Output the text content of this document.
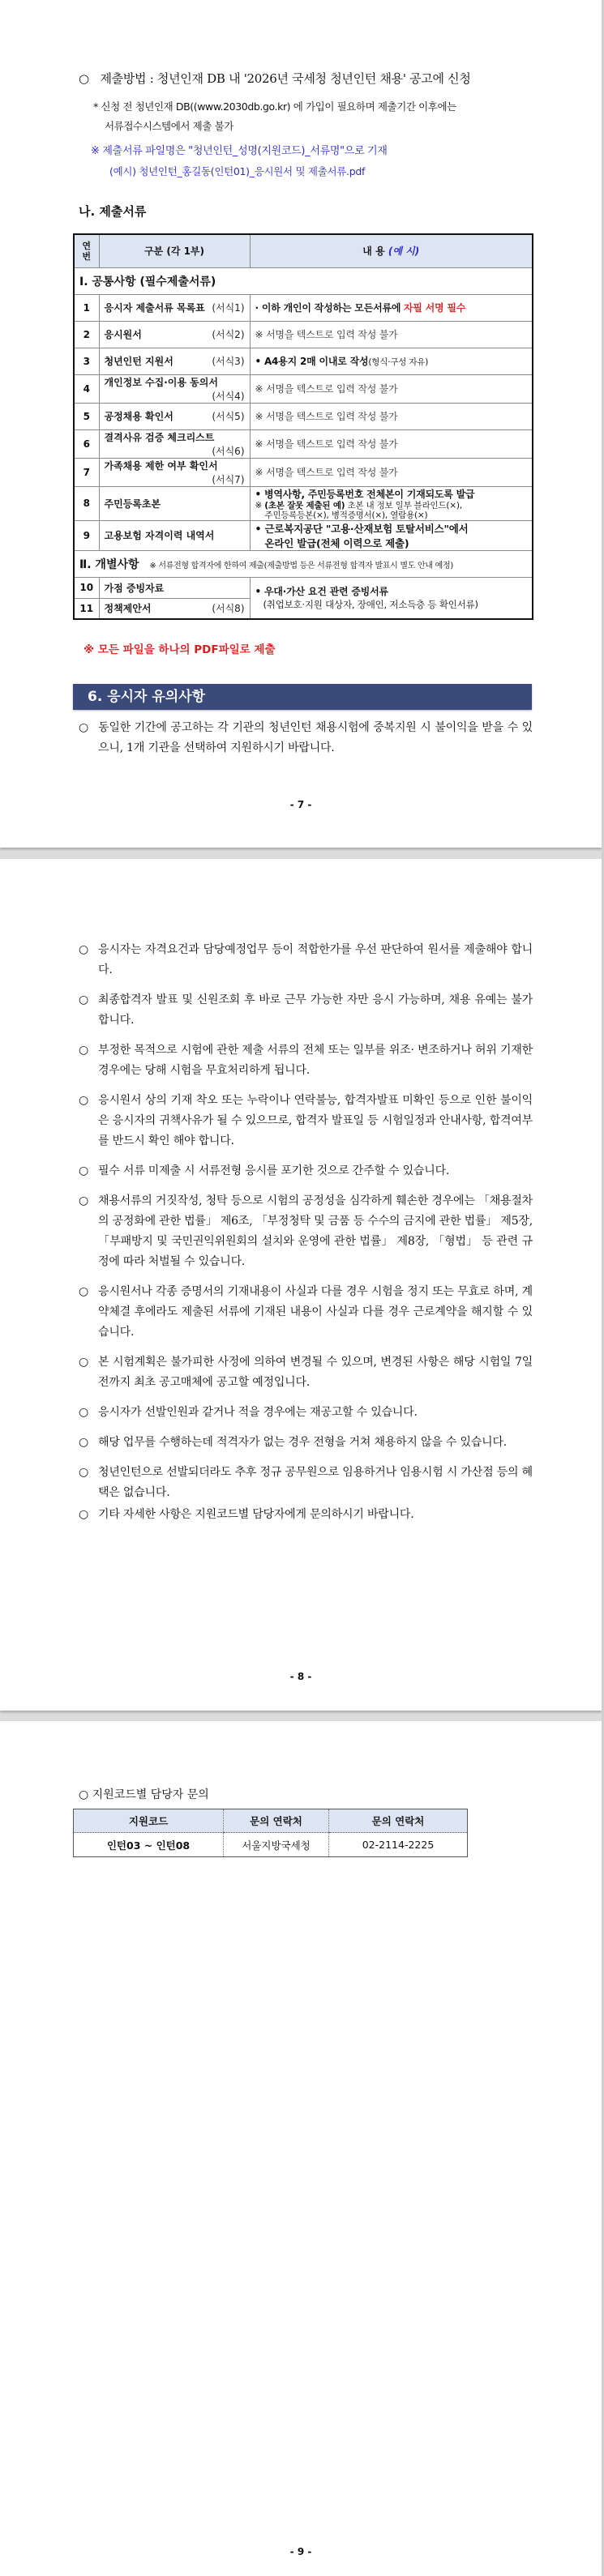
○ 제출방법 : 청년인재 DB 내 '2026년 국세청 청년인턴 채용' 공고에 신청
* 신청 전 청년인재 DB((www.2030db.go.kr) 에 가입이 필요하며 제출기간 이후에는
서류접수시스템에서 제출 불가
※ 제출서류 파일명은 "청년인턴_성명(지원코드)_서류명"으로 기재
(예시) 청년인턴_홍길동(인턴01)_응시원서 및 제출서류.pdf
나. 제출서류
연
번	구분 (각 1부)	내 용 (예 시)
Ⅰ. 공통사항 (필수제출서류)		
1	응시자 제출서류 목록표 (서식1)	· 이하 개인이 작성하는 모든서류에 자필 서명 필수
2	응시원서 (서식2)	※ 서명을 텍스트로 입력 작성 불가
3	청년인턴 지원서 (서식3)	• A4용지 2매 이내로 작성(형식·구성 자유)
4	개인정보 수집·이용 동의서
(서식4)	※ 서명을 텍스트로 입력 작성 불가
5	공정채용 확인서 (서식5)	※ 서명을 텍스트로 입력 작성 불가
6	결격사유 검증 체크리스트
(서식6)	※ 서명을 텍스트로 입력 작성 불가
7	가족채용 제한 여부 확인서
(서식7)	※ 서명을 텍스트로 입력 작성 불가
8	주민등록초본	• 병역사항, 주민등록번호 전체본이 기재되도록 발급
※ (초본 잘못 제출된 예) 초본 내 정보 일부 블라인드(×),
주민등록등본(×), 병적증명서(×), 열람용(×)

9	고용보험 자격이력 내역서	• 근로복지공단 "고용·산재보험 토탈서비스"에서
온라인 발급(전체 이력으로 제출)

Ⅱ. 개별사항 ※ 서류전형 합격자에 한하여 제출(제출방법 등은 서류전형 합격자 발표시 별도 안내 예정)		
10	가점 증빙자료	• 우대·가산 요건 관련 증빙서류
(취업보호·지원 대상자, 장애인, 저소득층 등 확인서류)

11	정책제안서 (서식8)	
※ 모든 파일을 하나의 PDF파일로 제출
6. 응시자 유의사항
○ 동일한 기간에 공고하는 각 기관의 청년인턴 채용시험에 중복지원 시 불이익을 받을 수 있으니, 1개 기관을 선택하여 지원하시기 바랍니다.
- 7 -
○ 응시자는 자격요건과 담당예정업무 등이 적합한가를 우선 판단하여 원서를 제출해야 합니다.
○ 최종합격자 발표 및 신원조회 후 바로 근무 가능한 자만 응시 가능하며, 채용 유예는 불가합니다.
○ 부정한 목적으로 시험에 관한 제출 서류의 전체 또는 일부를 위조· 변조하거나 허위 기재한 경우에는 당해 시험을 무효처리하게 됩니다.
○ 응시원서 상의 기재 착오 또는 누락이나 연락불능, 합격자발표 미확인 등으로 인한 불이익은 응시자의 귀책사유가 될 수 있으므로, 합격자 발표일 등 시험일정과 안내사항, 합격여부를 반드시 확인 해야 합니다.
○ 필수 서류 미제출 시 서류전형 응시를 포기한 것으로 간주할 수 있습니다.
○ 채용서류의 거짓작성, 청탁 등으로 시험의 공정성을 심각하게 훼손한 경우에는 「채용절차의 공정화에 관한 법률」 제6조, 「부정청탁 및 금품 등 수수의 금지에 관한 법률」 제5장, 「부패방지 및 국민권익위원회의 설치와 운영에 관한 법률」 제8장, 「형법」 등 관련 규정에 따라 처벌될 수 있습니다.
○ 응시원서나 각종 증명서의 기재내용이 사실과 다를 경우 시험을 정지 또는 무효로 하며, 계약체결 후에라도 제출된 서류에 기재된 내용이 사실과 다를 경우 근로계약을 해지할 수 있습니다.
○ 본 시험계획은 불가피한 사정에 의하여 변경될 수 있으며, 변경된 사항은 해당 시험일 7일 전까지 최초 공고매체에 공고할 예정입니다.
○ 응시자가 선발인원과 같거나 적을 경우에는 재공고할 수 있습니다.
○ 해당 업무를 수행하는데 적격자가 없는 경우 전형을 거쳐 채용하지 않을 수 있습니다.
○ 청년인턴으로 선발되더라도 추후 정규 공무원으로 임용하거나 임용시험 시 가산점 등의 혜택은 없습니다.
○ 기타 자세한 사항은 지원코드별 담당자에게 문의하시기 바랍니다.
- 8 -
○ 지원코드별 담당자 문의
지원코드	문의 연락처	문의 연락처
인턴03 ~ 인턴08	서울지방국세청	02-2114-2225
- 9 -
